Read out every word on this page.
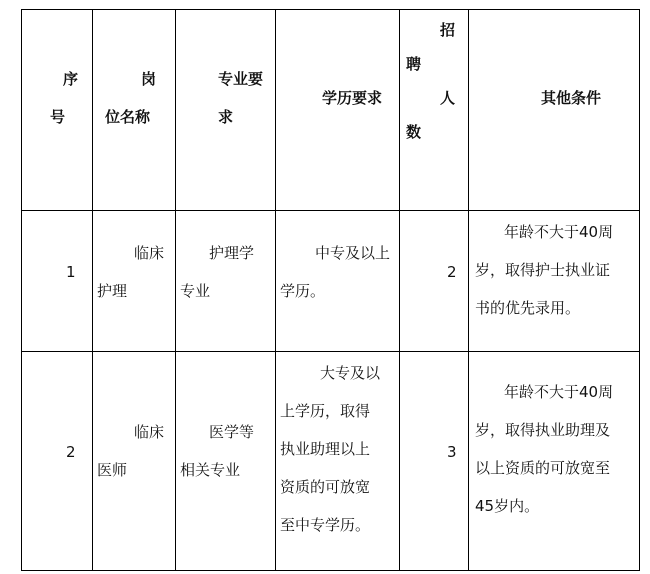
序
号
岗
位名称
专业要
求
学历要求
招
聘
人
数
其他条件
1
临床
护理
护理学
专业
中专及以上
学历。
2
年龄不大于40周
岁，取得护士执业证
书的优先录用。
2
临床
医师
医学等
相关专业
大专及以
上学历，取得
执业助理以上
资质的可放宽
至中专学历。
3
年龄不大于40周
岁，取得执业助理及
以上资质的可放宽至
45岁内。
